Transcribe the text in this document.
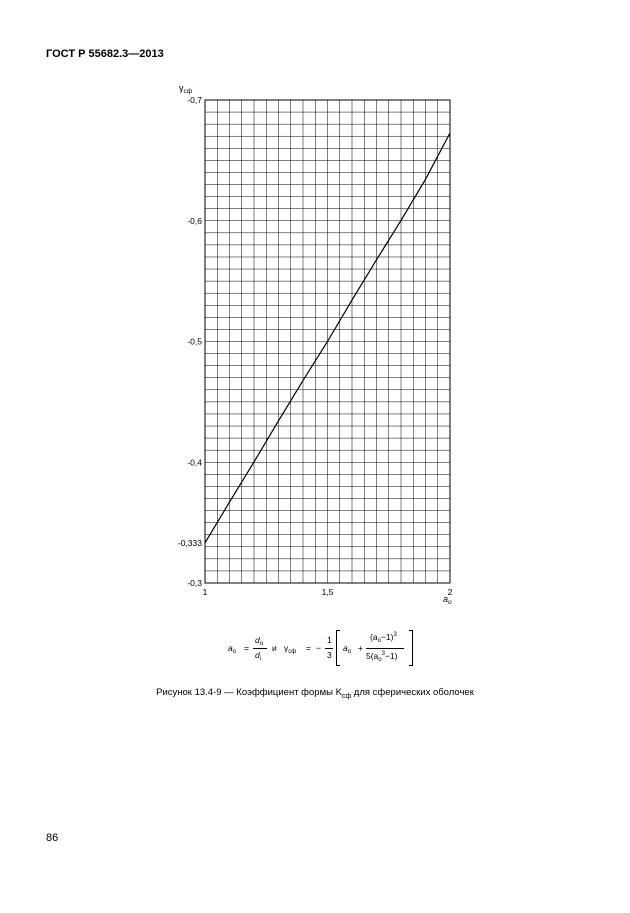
ГОСТ Р 55682.3—2013
1	1,5	2
-0,7
-0,6
-0,5
-0,4
-0,333
-0,3
$\gamma_{сф}$
$a_o$
$a_o$ =
$d_o$
$d_i$
и $\gamma_{сф}$ = −
1
3
$a_o$ +
$(a_o-1)^3$
$5(a_o^3-1)$
Рисунок 13.4-9 — Коэффициент формы $K_{сф}$ для сферических оболочек
86
